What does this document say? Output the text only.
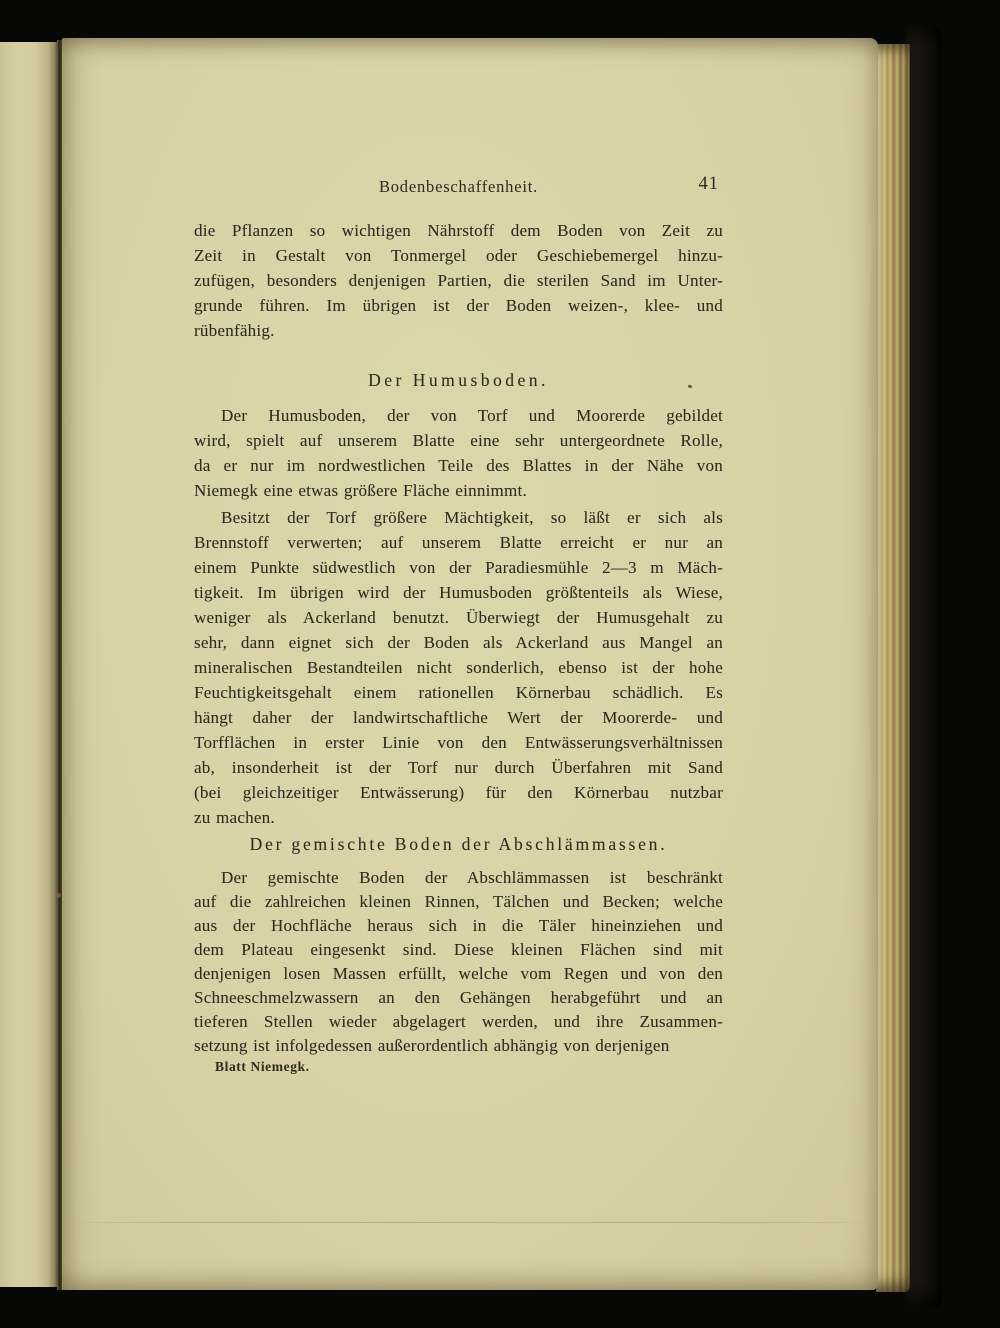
Bodenbeschaffenheit.	41
die Pflanzen so wichtigen Nährstoff dem Boden von Zeit zu
Zeit in Gestalt von Tonmergel oder Geschiebemergel hinzu-
zufügen, besonders denjenigen Partien, die sterilen Sand im Unter-
grunde führen. Im übrigen ist der Boden weizen-, klee- und
rübenfähig.
Der Humusboden.
Der Humusboden, der von Torf und Moorerde gebildet
wird, spielt auf unserem Blatte eine sehr untergeordnete Rolle,
da er nur im nordwestlichen Teile des Blattes in der Nähe von
Niemegk eine etwas größere Fläche einnimmt.
Besitzt der Torf größere Mächtigkeit, so läßt er sich als
Brennstoff verwerten; auf unserem Blatte erreicht er nur an
einem Punkte südwestlich von der Paradiesmühle 2—3 m Mäch-
tigkeit. Im übrigen wird der Humusboden größtenteils als Wiese,
weniger als Ackerland benutzt. Überwiegt der Humusgehalt zu
sehr, dann eignet sich der Boden als Ackerland aus Mangel an
mineralischen Bestandteilen nicht sonderlich, ebenso ist der hohe
Feuchtigkeitsgehalt einem rationellen Körnerbau schädlich. Es
hängt daher der landwirtschaftliche Wert der Moorerde- und
Torfflächen in erster Linie von den Entwässerungsverhältnissen
ab, insonderheit ist der Torf nur durch Überfahren mit Sand
(bei gleichzeitiger Entwässerung) für den Körnerbau nutzbar
zu machen.
Der gemischte Boden der Abschlämmassen.
Der gemischte Boden der Abschlämmassen ist beschränkt
auf die zahlreichen kleinen Rinnen, Tälchen und Becken; welche
aus der Hochfläche heraus sich in die Täler hineinziehen und
dem Plateau eingesenkt sind. Diese kleinen Flächen sind mit
denjenigen losen Massen erfüllt, welche vom Regen und von den
Schneeschmelzwassern an den Gehängen herabgeführt und an
tieferen Stellen wieder abgelagert werden, und ihre Zusammen-
setzung ist infolgedessen außerordentlich abhängig von derjenigen
Blatt Niemegk.
